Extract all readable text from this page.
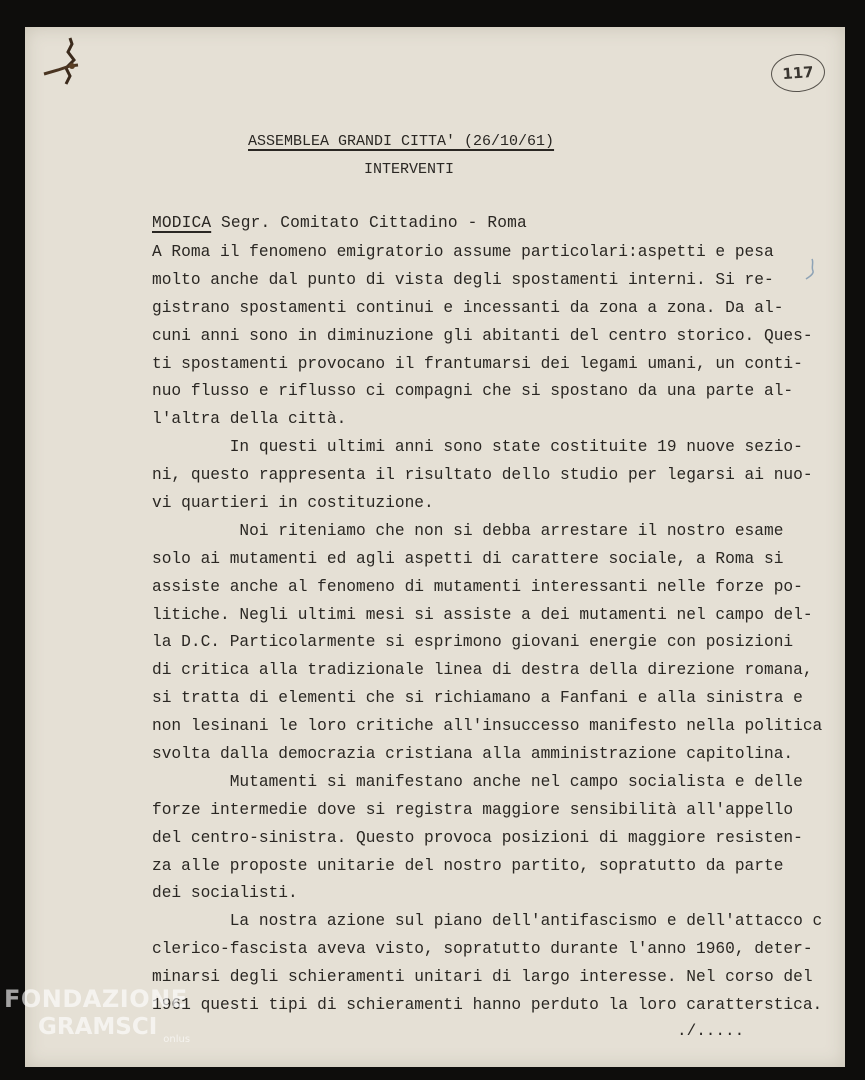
117
ASSEMBLEA GRANDI CITTA' (26/10/61)
INTERVENTI
MODICA Segr. Comitato Cittadino - Roma
A Roma il fenomeno emigratorio assume particolari:aspetti e pesa
molto anche dal punto di vista degli spostamenti interni. Si re-
gistrano spostamenti continui e incessanti da zona a zona. Da al-
cuni anni sono in diminuzione gli abitanti del centro storico. Ques-
ti spostamenti provocano il frantumarsi dei legami umani, un conti-
nuo flusso e riflusso ci compagni che si spostano da una parte al-
l'altra della città.
In questi ultimi anni sono state costituite 19 nuove sezio-
ni, questo rappresenta il risultato dello studio per legarsi ai nuo-
vi quartieri in costituzione.
Noi riteniamo che non si debba arrestare il nostro esame
solo ai mutamenti ed agli aspetti di carattere sociale, a Roma si
assiste anche al fenomeno di mutamenti interessanti nelle forze po-
litiche. Negli ultimi mesi si assiste a dei mutamenti nel campo del-
la D.C. Particolarmente si esprimono giovani energie con posizioni
di critica alla tradizionale linea di destra della direzione romana,
si tratta di elementi che si richiamano a Fanfani e alla sinistra e
non lesinani le loro critiche all'insuccesso manifesto nella politica
svolta dalla democrazia cristiana alla amministrazione capitolina.
Mutamenti si manifestano anche nel campo socialista e delle
forze intermedie dove si registra maggiore sensibilità all'appello
del centro-sinistra. Questo provoca posizioni di maggiore resisten-
za alle proposte unitarie del nostro partito, sopratutto da parte
dei socialisti.
La nostra azione sul piano dell'antifascismo e dell'attacco c
clerico-fascista aveva visto, sopratutto durante l'anno 1960, deter-
minarsi degli schieramenti unitari di largo interesse. Nel corso del
1961 questi tipi di schieramenti hanno perduto la loro caratterstica.
./.....
FONDAZIONE
GRAMSCI $_{onlus}$
